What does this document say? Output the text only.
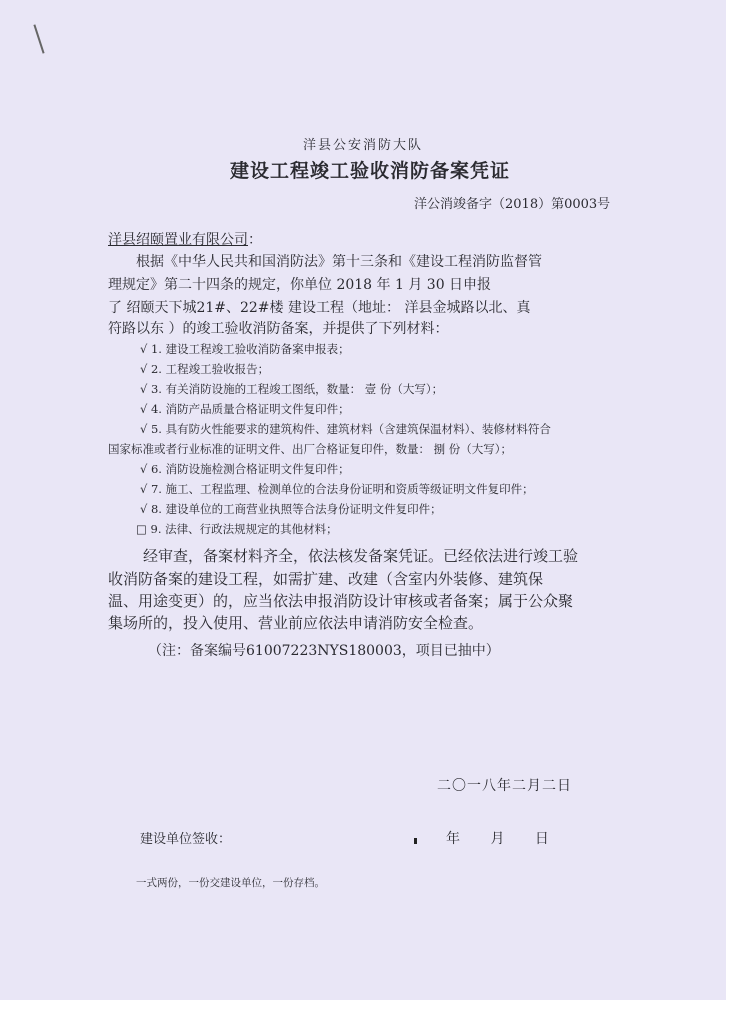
洋县公安消防大队
建设工程竣工验收消防备案凭证
洋公消竣备字（2018）第0003号
洋县绍颐置业有限公司：
根据《中华人民共和国消防法》第十三条和《建设工程消防监督管
理规定》第二十四条的规定，你单位 2018 年 1 月 30 日申报
了 绍颐天下城21#、22#楼 建设工程（地址： 洋县金城路以北、真
符路以东 ）的竣工验收消防备案，并提供了下列材料：
√ 1. 建设工程竣工验收消防备案申报表；
√ 2. 工程竣工验收报告；
√ 3. 有关消防设施的工程竣工图纸，数量： 壹 份（大写）；
√ 4. 消防产品质量合格证明文件复印件；
√ 5. 具有防火性能要求的建筑构件、建筑材料（含建筑保温材料）、装修材料符合
国家标准或者行业标准的证明文件、出厂合格证复印件，数量： 捌 份（大写）；
√ 6. 消防设施检测合格证明文件复印件；
√ 7. 施工、工程监理、检测单位的合法身份证明和资质等级证明文件复印件；
√ 8. 建设单位的工商营业执照等合法身份证明文件复印件；
□ 9. 法律、行政法规规定的其他材料；
经审查，备案材料齐全，依法核发备案凭证。已经依法进行竣工验
收消防备案的建设工程，如需扩建、改建（含室内外装修、建筑保
温、用途变更）的，应当依法申报消防设计审核或者备案；属于公众聚
集场所的，投入使用、营业前应依法申请消防安全检查。
（注：备案编号61007223NYS180003，项目已抽中）
二〇一八年二月二日
建设单位签收：	年 月 日
一式两份，一份交建设单位，一份存档。
